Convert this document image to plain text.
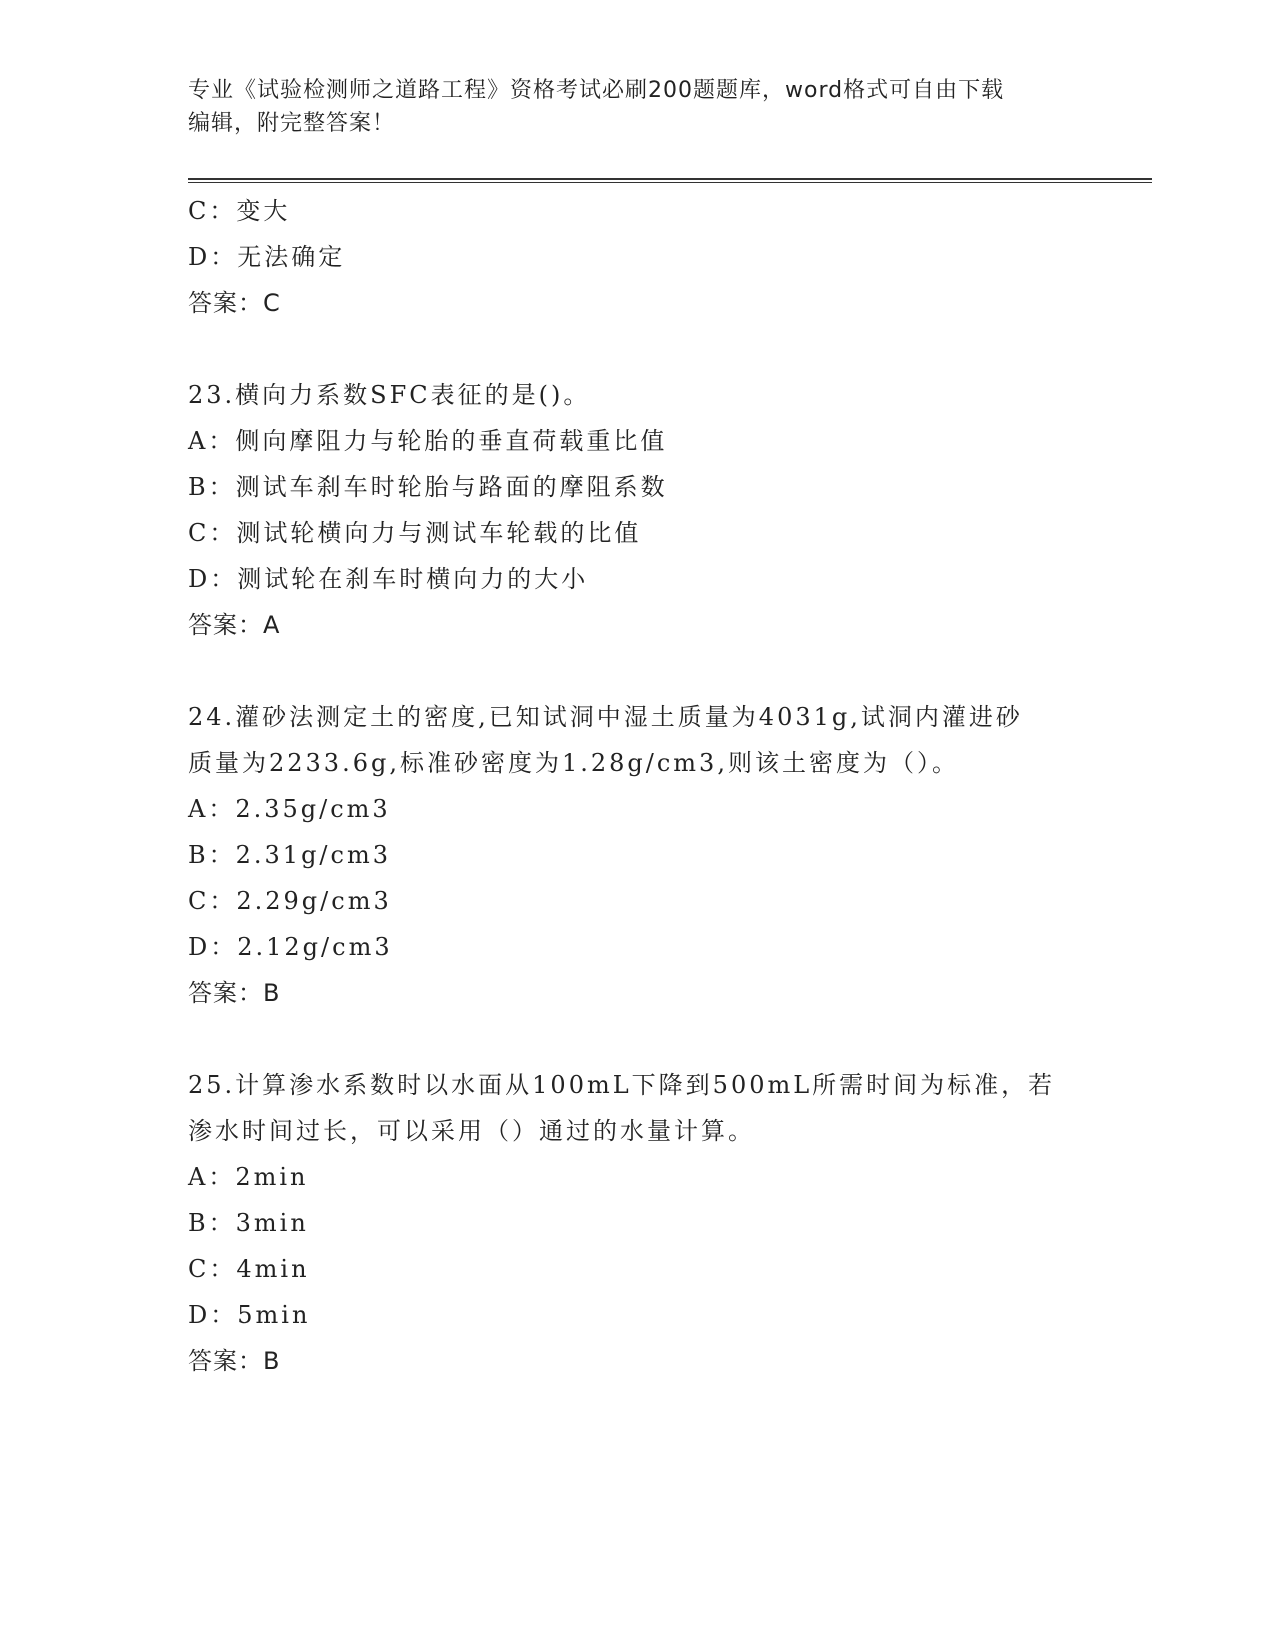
专业《试验检测师之道路工程》资格考试必刷200题题库，word格式可自由下载
编辑，附完整答案！
C：变大
D：无法确定
答案：C
23.横向力系数SFC表征的是()。
A：侧向摩阻力与轮胎的垂直荷载重比值
B：测试车刹车时轮胎与路面的摩阻系数
C：测试轮横向力与测试车轮载的比值
D：测试轮在刹车时横向力的大小
答案：A
24.灌砂法测定土的密度,已知试洞中湿土质量为4031g,试洞内灌进砂
质量为2233.6g,标准砂密度为1.28g/cm3,则该土密度为（）。
A：2.35g/cm3
B：2.31g/cm3
C：2.29g/cm3
D：2.12g/cm3
答案：B
25.计算渗水系数时以水面从100mL下降到500mL所需时间为标准，若
渗水时间过长，可以采用（）通过的水量计算。
A：2min
B：3min
C：4min
D：5min
答案：B
